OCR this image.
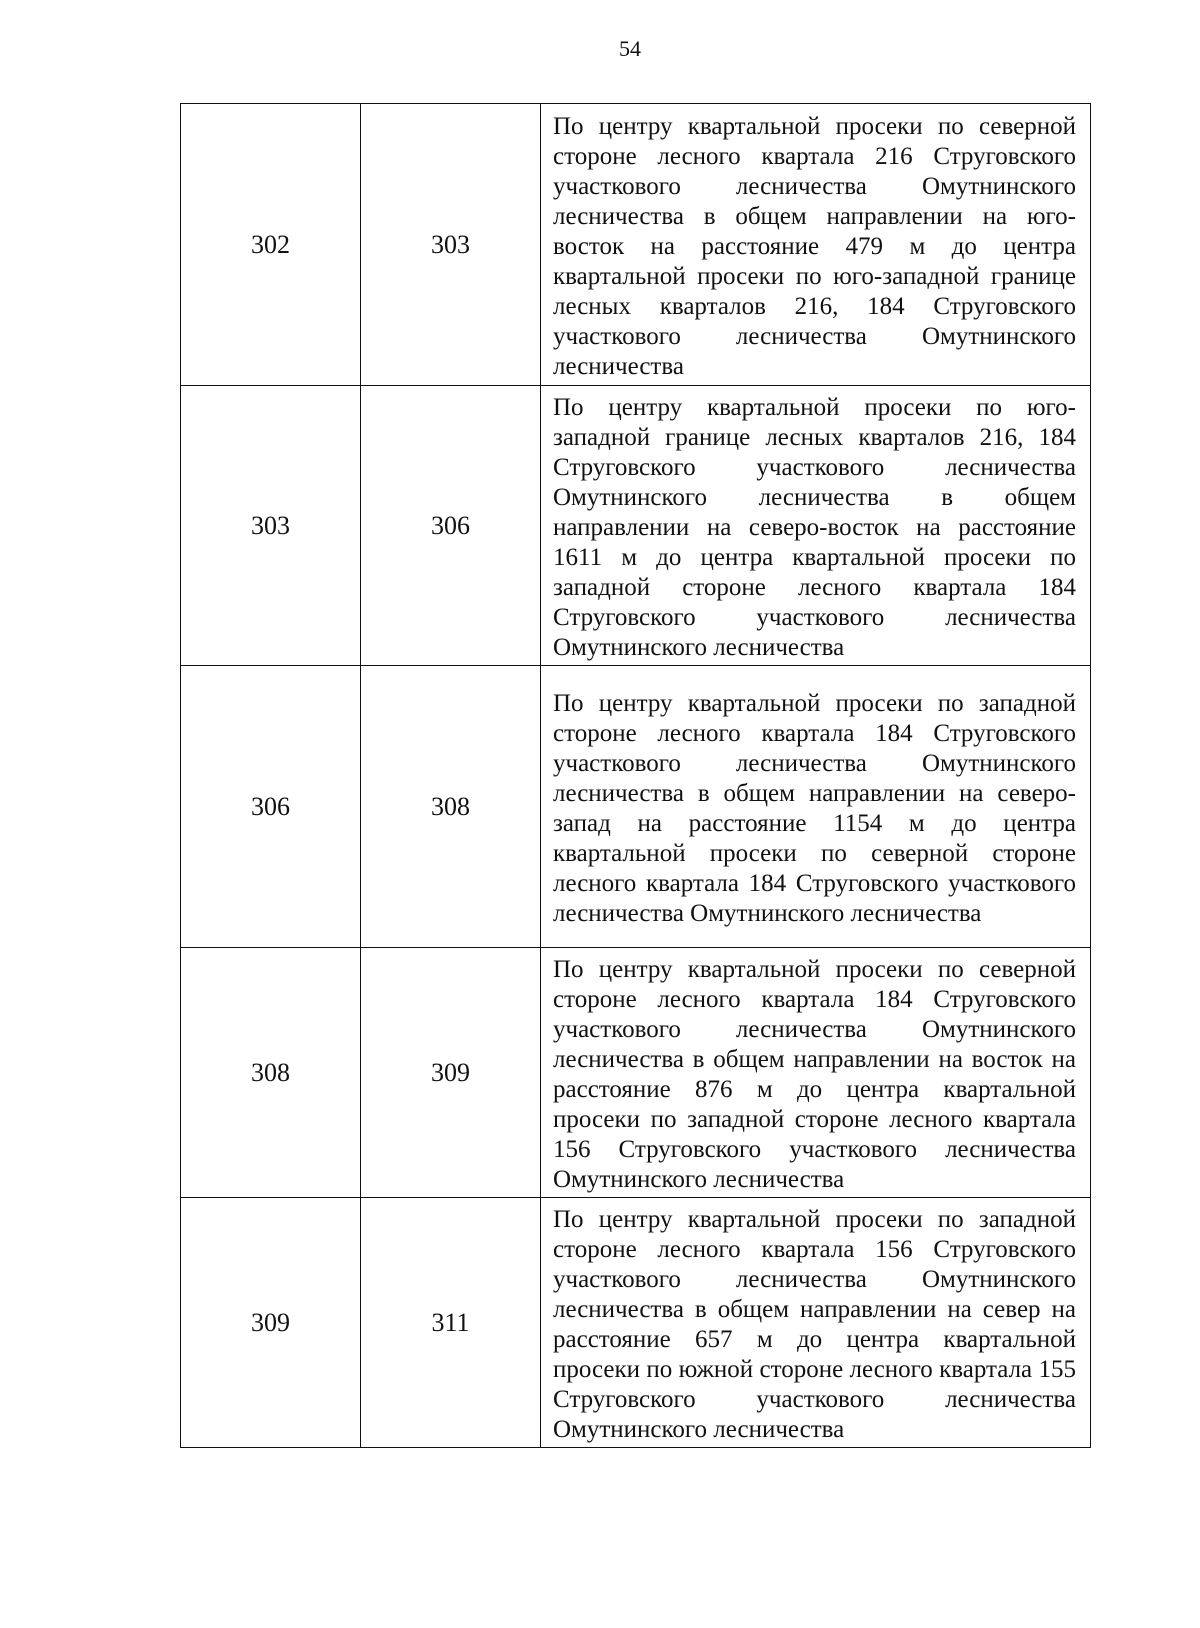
54
302	303	По центру квартальной просеки по северной стороне лесного квартала 216 Струговского участкового лесничества Омутнинского лесничества в общем направлении на юго-восток на расстояние 479 м до центра квартальной просеки по юго-западной границе лесных кварталов 216, 184 Струговского участкового лесничества Омутнинского лесничества
303	306	По центру квартальной просеки по юго-западной границе лесных кварталов 216, 184 Струговского участкового лесничества Омутнинского лесничества в общем направлении на северо-восток на расстояние 1611 м до центра квартальной просеки по западной стороне лесного квартала 184 Струговского участкового лесничества Омутнинского лесничества
306	308	По центру квартальной просеки по западной стороне лесного квартала 184 Струговского участкового лесничества Омутнинского лесничества в общем направлении на северо-запад на расстояние 1154 м до центра квартальной просеки по северной стороне лесного квартала 184 Струговского участкового лесничества Омутнинского лесничества
308	309	По центру квартальной просеки по северной стороне лесного квартала 184 Струговского участкового лесничества Омутнинского лесничества в общем направлении на восток на расстояние 876 м до центра квартальной просеки по западной стороне лесного квартала 156 Струговского участкового лесничества Омутнинского лесничества
309	311	По центру квартальной просеки по западной стороне лесного квартала 156 Струговского участкового лесничества Омутнинского лесничества в общем направлении на север на расстояние 657 м до центра квартальной просеки по южной стороне лесного квартала 155 Струговского участкового лесничества Омутнинского лесничества
